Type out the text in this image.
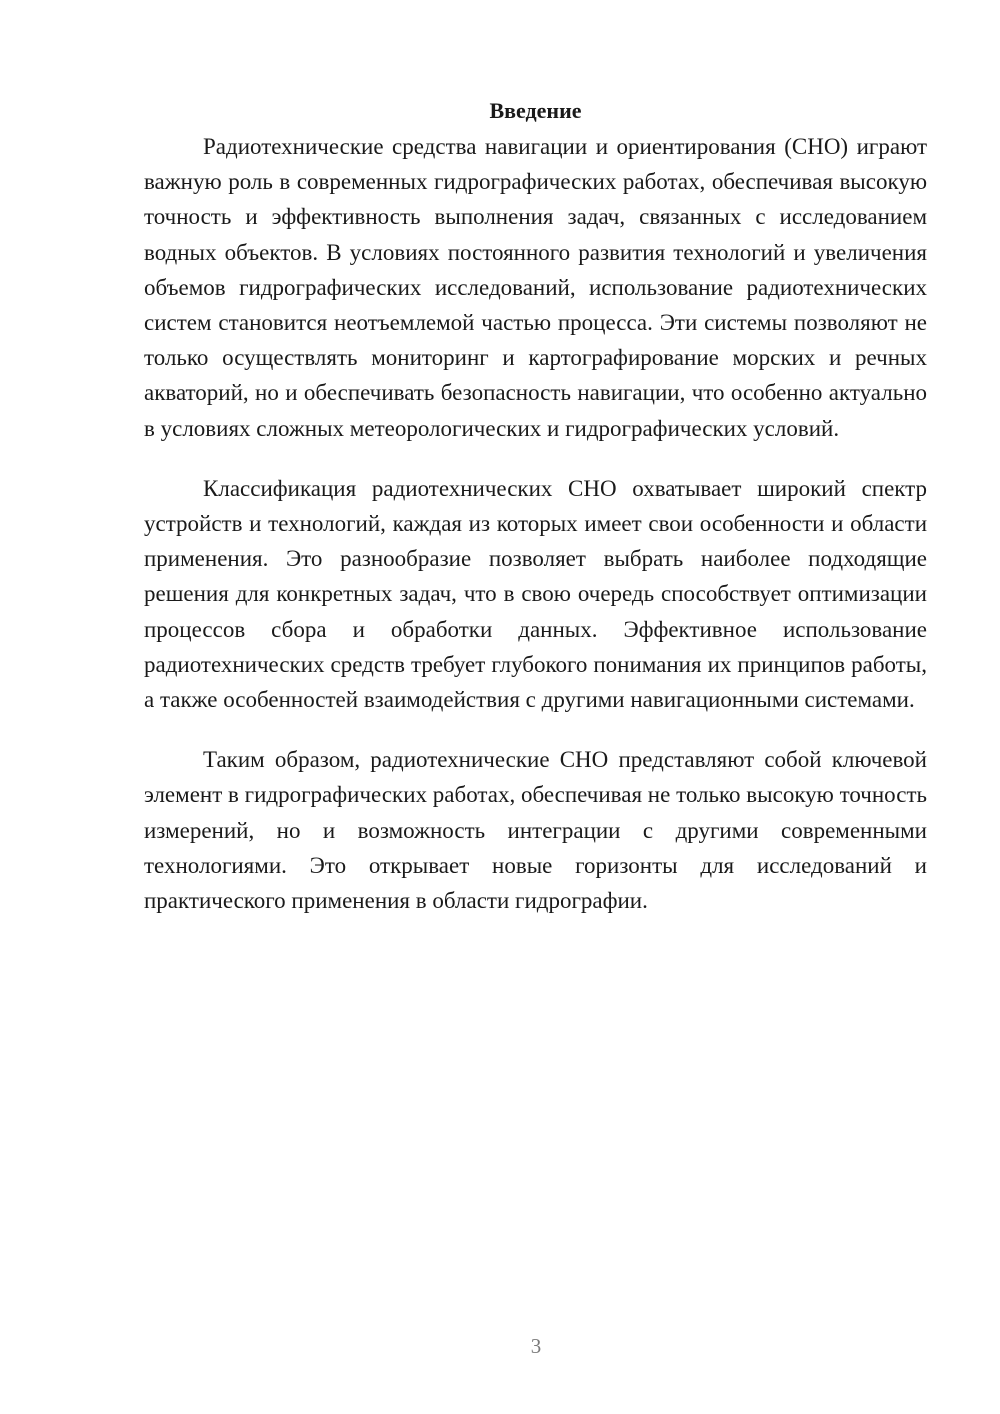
Введение

Радиотехнические средства навигации и ориентирования (СНО) играют важную роль в современных гидрографических работах, обеспечивая высокую точность и эффективность выполнения задач, связанных с исследованием водных объектов. В условиях постоянного развития технологий и увеличения объемов гидрографических исследований, использование радиотехнических систем становится неотъемлемой частью процесса. Эти системы позволяют не только осуществлять мониторинг и картографирование морских и речных акваторий, но и обеспечивать безопасность навигации, что особенно актуально в условиях сложных метеорологических и гидрографических условий.

Классификация радиотехнических СНО охватывает широкий спектр устройств и технологий, каждая из которых имеет свои особенности и области применения. Это разнообразие позволяет выбрать наиболее подходящие решения для конкретных задач, что в свою очередь способствует оптимизации процессов сбора и обработки данных. Эффективное использование радиотехнических средств требует глубокого понимания их принципов работы, а также особенностей взаимодействия с другими навигационными системами.

Таким образом, радиотехнические СНО представляют собой ключевой элемент в гидрографических работах, обеспечивая не только высокую точность измерений, но и возможность интеграции с другими современными технологиями. Это открывает новые горизонты для исследований и практического применения в области гидрографии.

3
